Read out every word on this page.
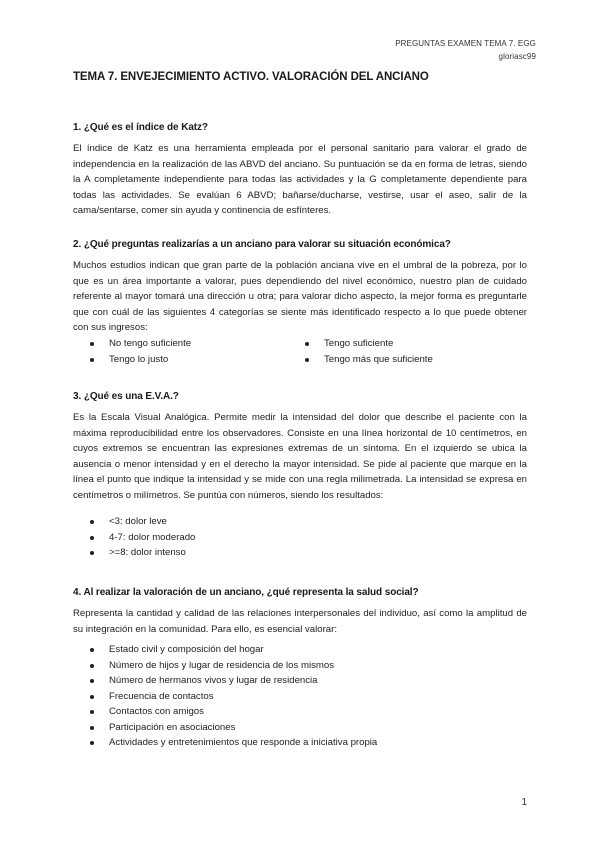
PREGUNTAS EXAMEN TEMA 7. EGG
gloriasc99
TEMA 7. ENVEJECIMIENTO ACTIVO. VALORACIÓN DEL ANCIANO
1. ¿Qué es el índice de Katz?
El índice de Katz es una herramienta empleada por el personal sanitario para valorar el grado de independencia en la realización de las ABVD del anciano. Su puntuación se da en forma de letras, siendo la A completamente independiente para todas las actividades y la G completamente dependiente para todas las actividades. Se evalúan 6 ABVD; bañarse/ducharse, vestirse, usar el aseo, salir de la cama/sentarse, comer sin ayuda y continencia de esfínteres.
2. ¿Qué preguntas realizarías a un anciano para valorar su situación económica?
Muchos estudios indican que gran parte de la población anciana vive en el umbral de la pobreza, por lo que es un área importante a valorar, pues dependiendo del nivel económico, nuestro plan de cuidado referente al mayor tomará una dirección u otra; para valorar dicho aspecto, la mejor forma es preguntarle que con cuál de las siguientes 4 categorías se siente más identificado respecto a lo que puede obtener con sus ingresos:
No tengo suficiente
Tengo lo justo
Tengo suficiente
Tengo más que suficiente
3. ¿Qué es una E.V.A.?
Es la Escala Visual Analógica. Permite medir la intensidad del dolor que describe el paciente con la máxima reproducibilidad entre los observadores. Consiste en una línea horizontal de 10 centímetros, en cuyos extremos se encuentran las expresiones extremas de un síntoma. En el izquierdo se ubica la ausencia o menor intensidad y en el derecho la mayor intensidad. Se pide al paciente que marque en la línea el punto que indique la intensidad y se mide con una regla milimetrada. La intensidad se expresa en centímetros o milímetros. Se puntúa con números, siendo los resultados:
<3: dolor leve
4-7: dolor moderado
>=8: dolor intenso
4. Al realizar la valoración de un anciano, ¿qué representa la salud social?
Representa la cantidad y calidad de las relaciones interpersonales del individuo, así como la amplitud de su integración en la comunidad. Para ello, es esencial valorar:
Estado civil y composición del hogar
Número de hijos y lugar de residencia de los mismos
Número de hermanos vivos y lugar de residencia
Frecuencia de contactos
Contactos con amigos
Participación en asociaciones
Actividades y entretenimientos que responde a iniciativa propia
1
